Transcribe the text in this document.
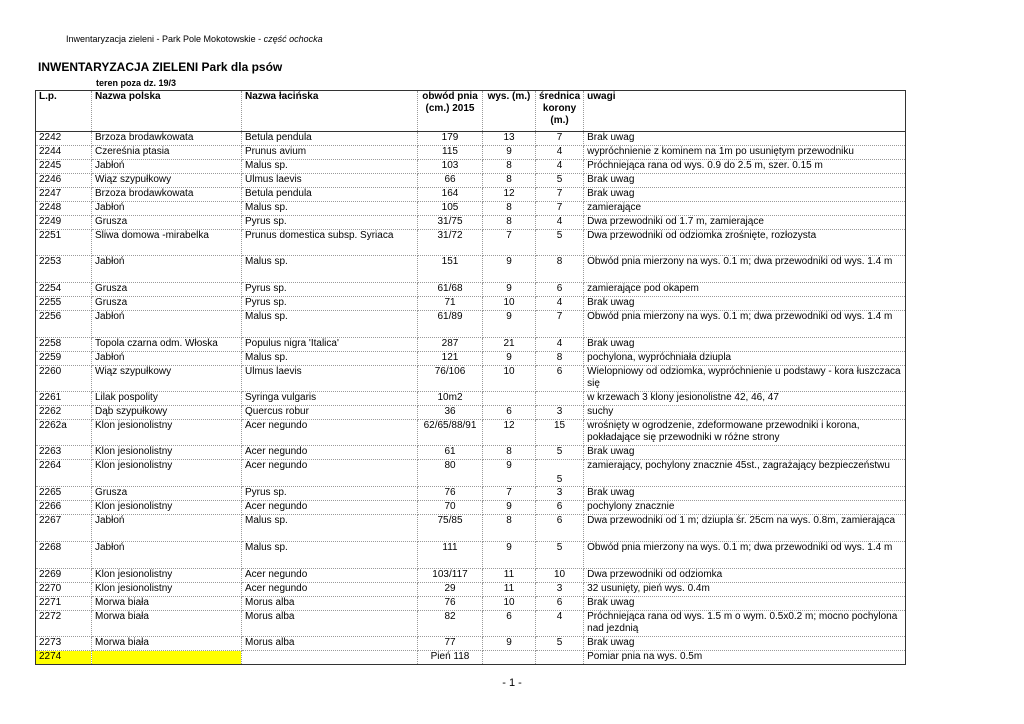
Inwentaryzacja zieleni - Park Pole Mokotowskie - część ochocka
INWENTARYZACJA ZIELENI Park dla psów
teren poza dz. 19/3
L.p.	Nazwa polska	Nazwa łacińska	obwód pnia (cm.) 2015	wys. (m.)	średnica korony (m.)	uwagi
2242	Brzoza brodawkowata	Betula pendula	179	13	7	Brak uwag
2244	Czereśnia ptasia	Prunus avium	115	9	4	wypróchnienie z kominem na 1m po usuniętym przewodniku
2245	Jabłoń	Malus sp.	103	8	4	Próchniejąca rana od wys. 0.9 do 2.5 m, szer. 0.15 m
2246	Wiąz szypułkowy	Ulmus laevis	66	8	5	Brak uwag
2247	Brzoza brodawkowata	Betula pendula	164	12	7	Brak uwag
2248	Jabłoń	Malus sp.	105	8	7	zamierające
2249	Grusza	Pyrus sp.	31/75	8	4	Dwa przewodniki od 1.7 m, zamierające
2251	Śliwa domowa -mirabelka	Prunus domestica subsp. Syriaca	31/72	7	5	Dwa przewodniki od odziomka zrośnięte, rozłozysta
2253	Jabłoń	Malus sp.	151	9	8	Obwód pnia mierzony na wys. 0.1 m; dwa przewodniki od wys. 1.4 m
2254	Grusza	Pyrus sp.	61/68	9	6	zamierające pod okapem
2255	Grusza	Pyrus sp.	71	10	4	Brak uwag
2256	Jabłoń	Malus sp.	61/89	9	7	Obwód pnia mierzony na wys. 0.1 m; dwa przewodniki od wys. 1.4 m
2258	Topola czarna odm. Włoska	Populus nigra 'Italica'	287	21	4	Brak uwag
2259	Jabłoń	Malus sp.	121	9	8	pochylona, wypróchniała dziupla
2260	Wiąz szypułkowy	Ulmus laevis	76/106	10	6	Wielopniowy od odziomka, wypróchnienie u podstawy - kora łuszczaca się
2261	Lilak pospolity	Syringa vulgaris	10m2			w krzewach 3 klony jesionolistne 42, 46, 47
2262	Dąb szypułkowy	Quercus robur	36	6	3	suchy
2262a	Klon jesionolistny	Acer negundo	62/65/88/91	12	15	wrośnięty w ogrodzenie, zdeformowane przewodniki i korona, pokładające się przewodniki w różne strony
2263	Klon jesionolistny	Acer negundo	61	8	5	Brak uwag
2264	Klon jesionolistny	Acer negundo	80	9	5	zamierający, pochylony znacznie 45st., zagrażający bezpieczeństwu
2265	Grusza	Pyrus sp.	76	7	3	Brak uwag
2266	Klon jesionolistny	Acer negundo	70	9	6	pochylony znacznie
2267	Jabłoń	Malus sp.	75/85	8	6	Dwa przewodniki od 1 m; dziupla śr. 25cm na wys. 0.8m, zamierająca
2268	Jabłoń	Malus sp.	111	9	5	Obwód pnia mierzony na wys. 0.1 m; dwa przewodniki od wys. 1.4 m
2269	Klon jesionolistny	Acer negundo	103/117	11	10	Dwa przewodniki od odziomka
2270	Klon jesionolistny	Acer negundo	29	11	3	32 usunięty, pień wys. 0.4m
2271	Morwa biała	Morus alba	76	10	6	Brak uwag
2272	Morwa biała	Morus alba	82	6	4	Próchniejąca rana od wys. 1.5 m o wym. 0.5x0.2 m; mocno pochylona nad jezdnią
2273	Morwa biała	Morus alba	77	9	5	Brak uwag
2274			Pień 118			Pomiar pnia na wys. 0.5m
- 1 -
